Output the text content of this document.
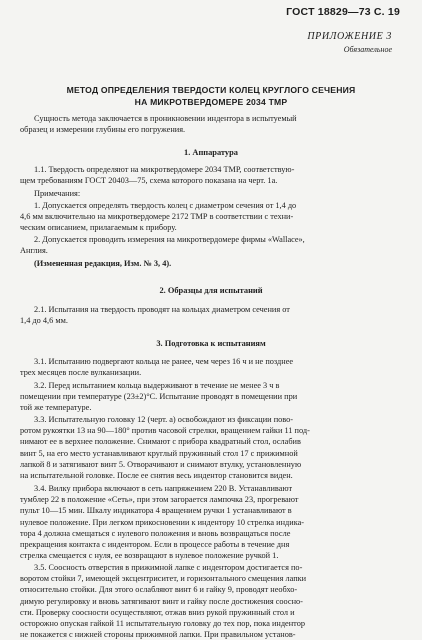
ГОСТ 18829—73 С. 19
ПРИЛОЖЕНИЕ 3
Обязательное
МЕТОД ОПРЕДЕЛЕНИЯ ТВЕРДОСТИ КОЛЕЦ КРУГЛОГО СЕЧЕНИЯ
НА МИКРОТВЕРДОМЕРЕ 2034 ТМР
Сущность метода заключается в проникновении индентора в испытуемый
образец и измерении глубины его погружения.
1. Аппаратура
1.1. Твердость определяют на микротвердомере 2034 ТМР, соответствую-
щем требованиям ГОСТ 20403—75, схема которого показана на черт. 1а.
Примечания:
1. Допускается определять твердость колец с диаметром сечения от 1,4 до
4,6 мм включительно на микротвердомере 2172 ТМР в соответствии с техни-
ческим описанием, прилагаемым к прибору.
2. Допускается проводить измерения на микротвердомере фирмы «Wallace»,
Англия.
(Измененная редакция, Изм. № 3, 4).
2. Образцы для испытаний
2.1. Испытания на твердость проводят на кольцах диаметром сечения от
1,4 до 4,6 мм.
3. Подготовка к испытаниям
3.1. Испытанию подвергают кольца не ранее, чем через 16 ч и не позднее
трех месяцев после вулканизации.
3.2. Перед испытанием кольца выдерживают в течение не менее 3 ч в
помещении при температуре (23±2)°С. Испытание проводят в помещении при
той же температуре.
3.3. Испытательную головку 12 (черт. а) освобождают из фиксации пово-
ротом рукоятки 13 на 90—180° против часовой стрелки, вращением гайки 11 под-
нимают ее в верхнее положение. Снимают с прибора квадратный стол, ослабив
винт 5, на его место устанавливают круглый пружинный стол 17 с прижимной
лапкой 8 и затягивают винт 5. Отворачивают и снимают втулку, установленную
на испытательной головке. После ее снятия весь индентор становится виден.
3.4. Вилку прибора включают в сеть напряжением 220 В. Устанавливают
тумблер 22 в положение «Сеть», при этом загорается лампочка 23, прогревают
пульт 10—15 мин. Шкалу индикатора 4 вращением ручки 1 устанавливают в
нулевое положение. При легком прикосновении к индентору 10 стрелка индика-
тора 4 должна смещаться с нулевого положения и вновь возвращаться после
прекращения контакта с индентором. Если в процессе работы в течение дня
стрелка смещается с нуля, ее возвращают в нулевое положение ручкой 1.
3.5. Соосность отверстия в прижимной лапке с индентором достигается по-
воротом стойки 7, имеющей эксцентриситет, и горизонтального смещения лапки
относительно стойки. Для этого ослабляют винт 6 и гайку 9, проводят необхо-
димую регулировку и вновь затягивают винт и гайку после достижения соосно-
сти. Проверку соосности осуществляют, отжав вниз рукой пружинный стол и
осторожно опуская гайкой 11 испытательную головку до тех пор, пока индентор
не покажется с нижней стороны прижимной лапки. При правильном установ-
